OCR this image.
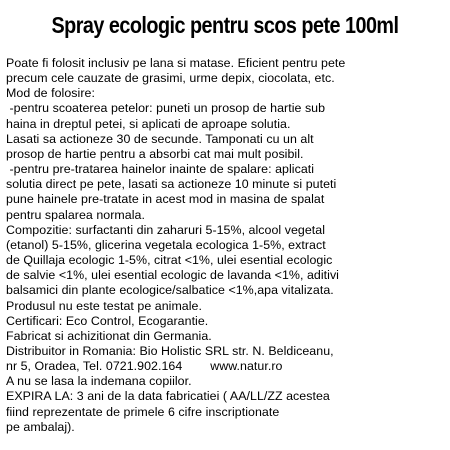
Spray ecologic pentru scos pete 100ml
Poate fi folosit inclusiv pe lana si matase. Eficient pentru pete
precum cele cauzate de grasimi, urme depix, ciocolata, etc.
Mod de folosire:
-pentru scoaterea petelor: puneti un prosop de hartie sub
haina in dreptul petei, si aplicati de aproape solutia.
Lasati sa actioneze 30 de secunde. Tamponati cu un alt
prosop de hartie pentru a absorbi cat mai mult posibil.
-pentru pre-tratarea hainelor inainte de spalare: aplicati
solutia direct pe pete, lasati sa actioneze 10 minute si puteti
pune hainele pre-tratate in acest mod in masina de spalat
pentru spalarea normala.
Compozitie: surfactanti din zaharuri 5-15%, alcool vegetal
(etanol) 5-15%, glicerina vegetala ecologica 1-5%, extract
de Quillaja ecologic 1-5%, citrat <1%, ulei esential ecologic
de salvie <1%, ulei esential ecologic de lavanda <1%, aditivi
balsamici din plante ecologice/salbatice <1%,apa vitalizata.
Produsul nu este testat pe animale.
Certificari: Eco Control, Ecogarantie.
Fabricat si achizitionat din Germania.
Distribuitor in Romania: Bio Holistic SRL str. N. Beldiceanu,
nr 5, Oradea, Tel. 0721.902.164        www.natur.ro
A nu se lasa la indemana copiilor.
EXPIRA LA: 3 ani de la data fabricatiei ( AA/LL/ZZ acestea
fiind reprezentate de primele 6 cifre inscriptionate
pe ambalaj).
